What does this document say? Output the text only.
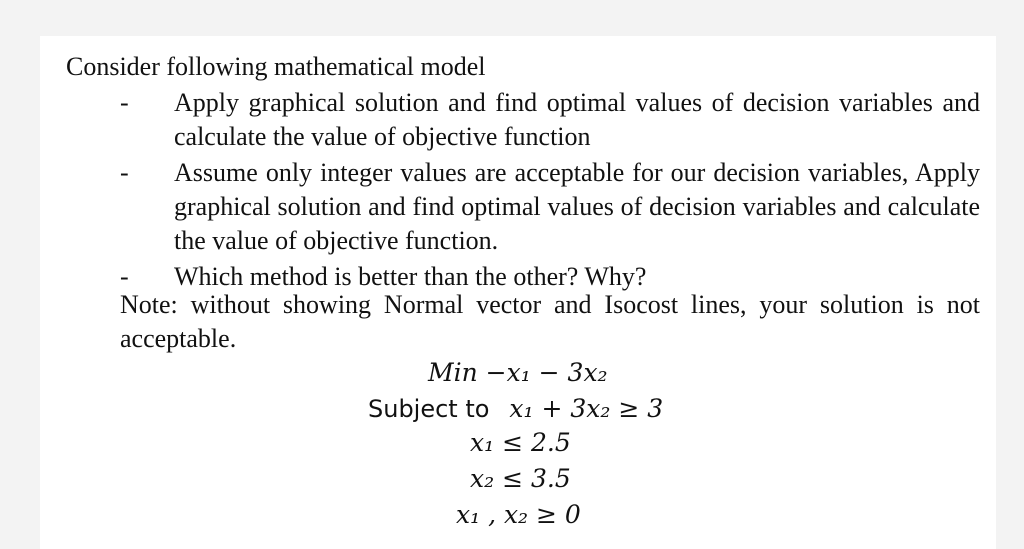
Consider following mathematical model

-	Apply graphical solution and find optimal values of decision variables and calculate the value of objective function
-	Assume only integer values are acceptable for our decision variables, Apply graphical solution and find optimal values of decision variables and calculate the value of objective function.
-	Which method is better than the other? Why?

Note: without showing Normal vector and Isocost lines, your solution is not acceptable.

Min −x₁ − 3x₂
Subject to x₁ + 3x₂ ≥ 3
x₁ ≤ 2.5
x₂ ≤ 3.5
x₁ , x₂ ≥ 0
